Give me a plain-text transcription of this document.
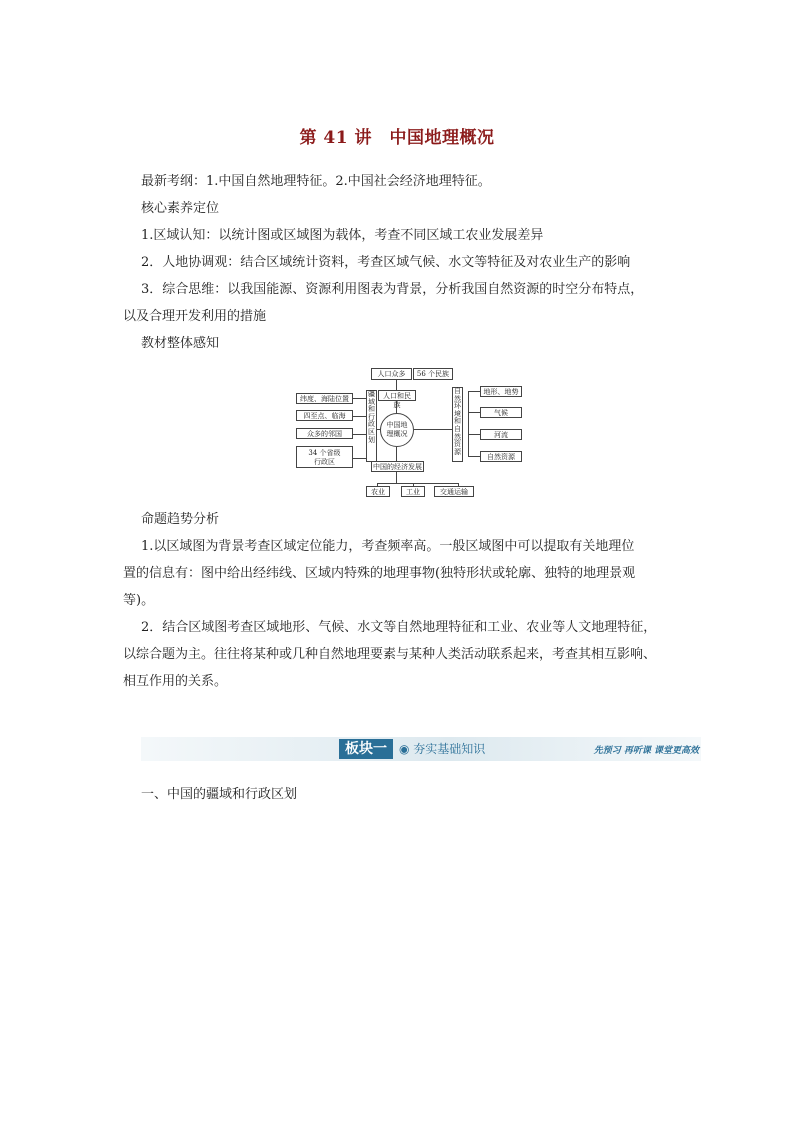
第 41 讲　中国地理概况
最新考纲：1.中国自然地理特征。2.中国社会经济地理特征。
核心素养定位
1.区域认知：以统计图或区域图为载体，考查不同区域工农业发展差异
2．人地协调观：结合区域统计资料，考查区域气候、水文等特征及对农业生产的影响
3．综合思维：以我国能源、资源利用图表为背景，分析我国自然资源的时空分布特点，
以及合理开发利用的措施
教材整体感知
人口众多	56 个民族
人口和民族
中国地理概况
疆域和行政区划
自然环境和自然资源
纬度、海陆位置
四至点、临海
众多的邻国
34 个省级行政区
地形、地势
气候
河流
自然资源
中国的经济发展
农业	工业	交通运输
命题趋势分析
1.以区域图为背景考查区域定位能力，考查频率高。一般区域图中可以提取有关地理位
置的信息有：图中给出经纬线、区域内特殊的地理事物(独特形状或轮廓、独特的地理景观
等)。
2．结合区域图考查区域地形、气候、水文等自然地理特征和工业、农业等人文地理特征，
以综合题为主。往往将某种或几种自然地理要素与某种人类活动联系起来，考查其相互影响、
相互作用的关系。
板块一	◉ 夯实基础知识	先预习 再听课 课堂更高效
一、中国的疆域和行政区划
